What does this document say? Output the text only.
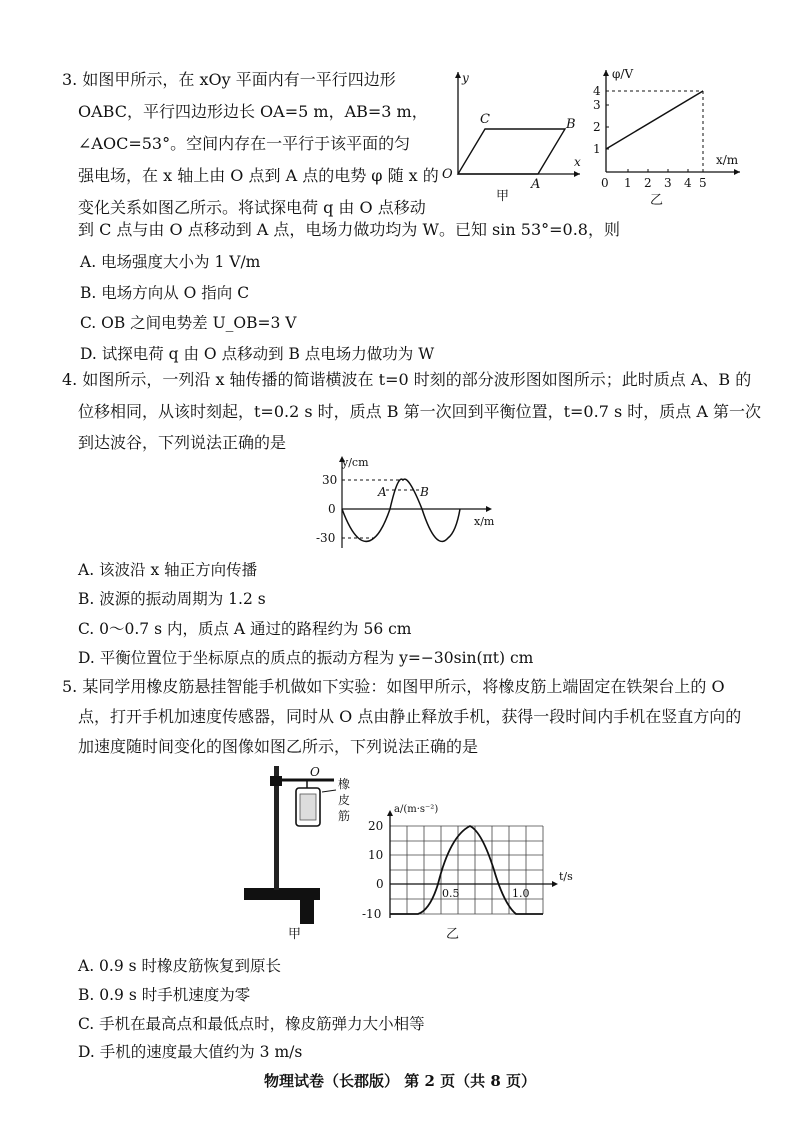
3. 如图甲所示，在 xOy 平面内有一平行四边形
OABC，平行四边形边长 OA=5 m，AB=3 m，
∠AOC=53°。空间内存在一平行于该平面的匀
强电场，在 x 轴上由 O 点到 A 点的电势 φ 随 x 的
变化关系如图乙所示。将试探电荷 q 由 O 点移动
到 C 点与由 O 点移动到 A 点，电场力做功均为 W。已知 sin 53°=0.8，则
y
x
O
A
B
C
甲
φ/V
x/m
1
2
3
4
0 1 2 3 4 5
乙
A. 电场强度大小为 1 V/m
B. 电场方向从 O 指向 C
C. OB 之间电势差 U_OB=3 V
D. 试探电荷 q 由 O 点移动到 B 点电场力做功为 W
4. 如图所示，一列沿 x 轴传播的简谐横波在 t=0 时刻的部分波形图如图所示；此时质点 A、B 的
位移相同，从该时刻起，t=0.2 s 时，质点 B 第一次回到平衡位置，t=0.7 s 时，质点 A 第一次
到达波谷，下列说法正确的是
y/cm
x/m
30
0
-30
A	B
A. 该波沿 x 轴正方向传播
B. 波源的振动周期为 1.2 s
C. 0～0.7 s 内，质点 A 通过的路程约为 56 cm
D. 平衡位置位于坐标原点的质点的振动方程为 y=−30sin(πt) cm
5. 某同学用橡皮筋悬挂智能手机做如下实验：如图甲所示，将橡皮筋上端固定在铁架台上的 O
点，打开手机加速度传感器，同时从 O 点由静止释放手机，获得一段时间内手机在竖直方向的
加速度随时间变化的图像如图乙所示，下列说法正确的是
O
橡
皮
筋
甲
a/(m·s⁻²)
t/s
20
10
0
-10
0.5	1.0
乙
A. 0.9 s 时橡皮筋恢复到原长
B. 0.9 s 时手机速度为零
C. 手机在最高点和最低点时，橡皮筋弹力大小相等
D. 手机的速度最大值约为 3 m/s
物理试卷（长郡版） 第 2 页（共 8 页）
